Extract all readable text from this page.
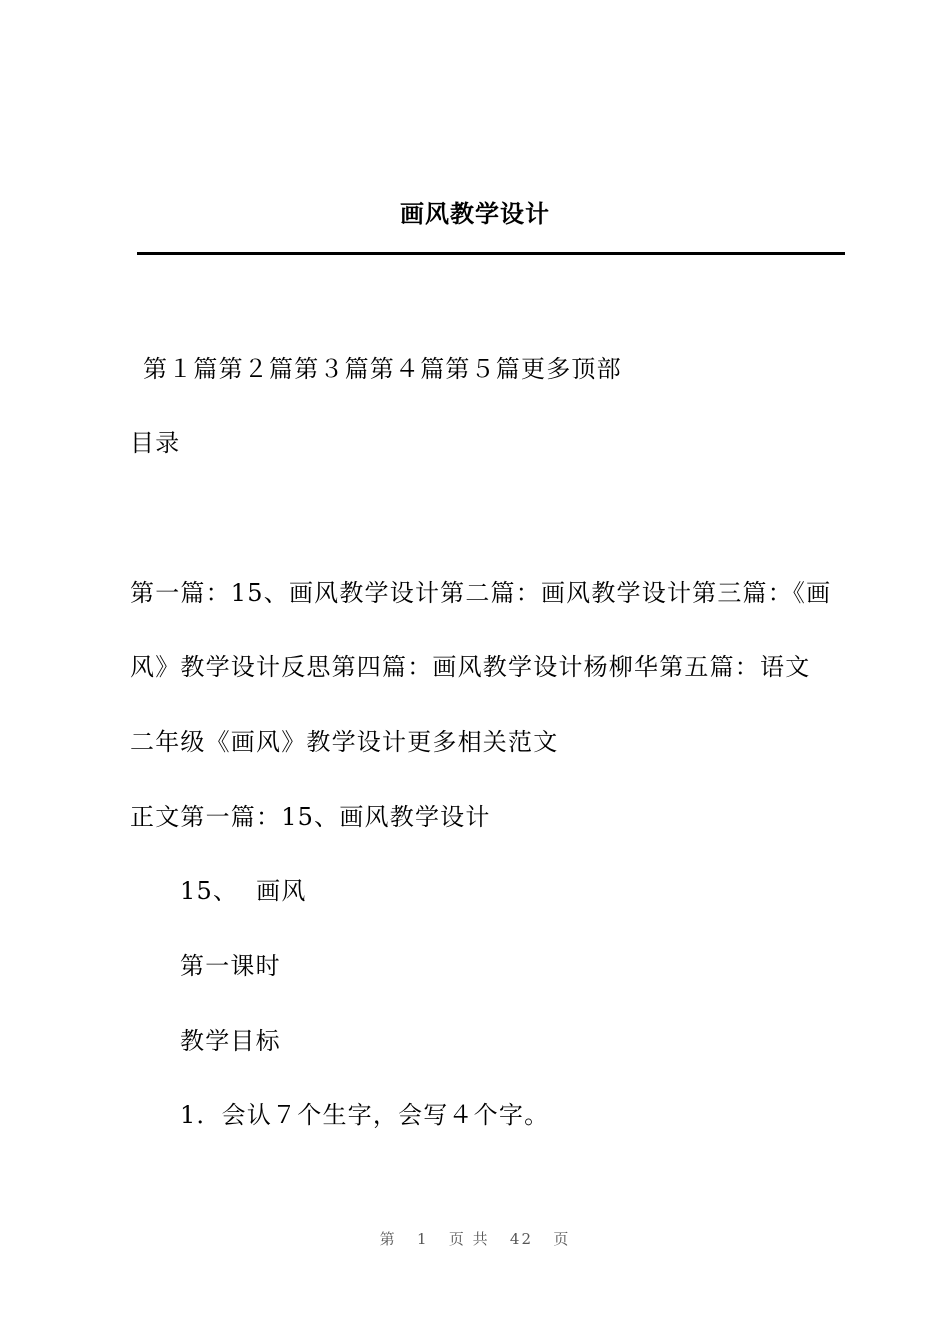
画风教学设计
第１篇第２篇第３篇第４篇第５篇更多顶部
目录
第一篇：15、画风教学设计第二篇：画风教学设计第三篇：《画
风》教学设计反思第四篇：画风教学设计杨柳华第五篇：语文
二年级《画风》教学设计更多相关范文
正文第一篇：15、画风教学设计
15、 画风
第一课时
教学目标
1．会认７个生字，会写４个字。
第 1 页 共 42 页
